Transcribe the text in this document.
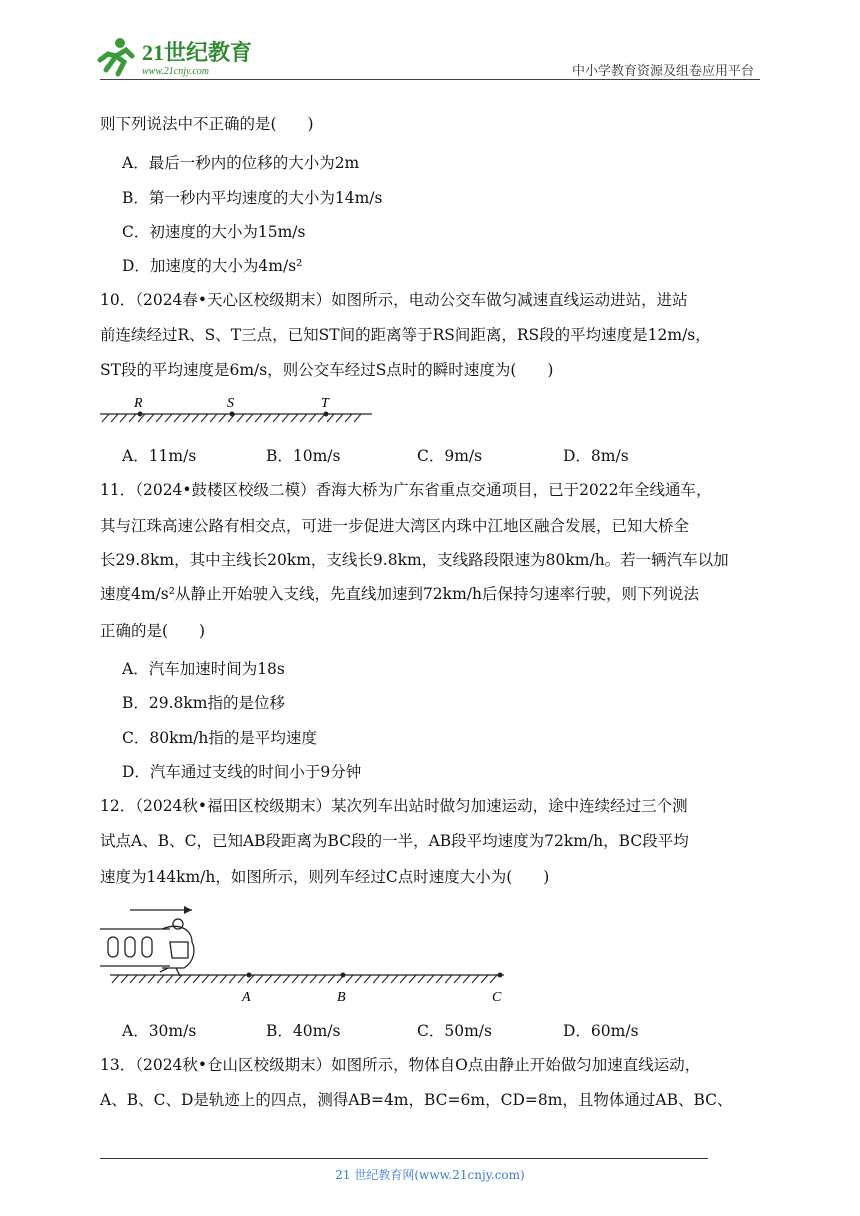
21世纪教育
www.21cnjy.com	中小学教育资源及组卷应用平台
则下列说法中不正确的是(　　)
A．最后一秒内的位移的大小为2m
B．第一秒内平均速度的大小为14m/s
C．初速度的大小为15m/s
D．加速度的大小为4m/s²
10．（2024春•天心区校级期末）如图所示，电动公交车做匀减速直线运动进站，进站
前连续经过R、S、T三点，已知ST间的距离等于RS间距离，RS段的平均速度是12m/s，
ST段的平均速度是6m/s，则公交车经过S点时的瞬时速度为(　　)
R	S	T
A．11m/s	B．10m/s	C．9m/s	D．8m/s
11．（2024•鼓楼区校级二模）香海大桥为广东省重点交通项目，已于2022年全线通车，
其与江珠高速公路有相交点，可进一步促进大湾区内珠中江地区融合发展，已知大桥全
长29.8km，其中主线长20km，支线长9.8km，支线路段限速为80km/h。若一辆汽车以加
速度4m/s²从静止开始驶入支线，先直线加速到72km/h后保持匀速率行驶，则下列说法
正确的是(　　)
A．汽车加速时间为18s
B．29.8km指的是位移
C．80km/h指的是平均速度
D．汽车通过支线的时间小于9分钟
12．（2024秋•福田区校级期末）某次列车出站时做匀加速运动，途中连续经过三个测
试点A、B、C，已知AB段距离为BC段的一半，AB段平均速度为72km/h，BC段平均
速度为144km/h，如图所示，则列车经过C点时速度大小为(　　)
A	B	C
A．30m/s	B．40m/s	C．50m/s	D．60m/s
13．（2024秋•仓山区校级期末）如图所示，物体自O点由静止开始做匀加速直线运动，
A、B、C、D是轨迹上的四点，测得AB=4m，BC=6m，CD=8m，且物体通过AB、BC、
21 世纪教育网(www.21cnjy.com)
